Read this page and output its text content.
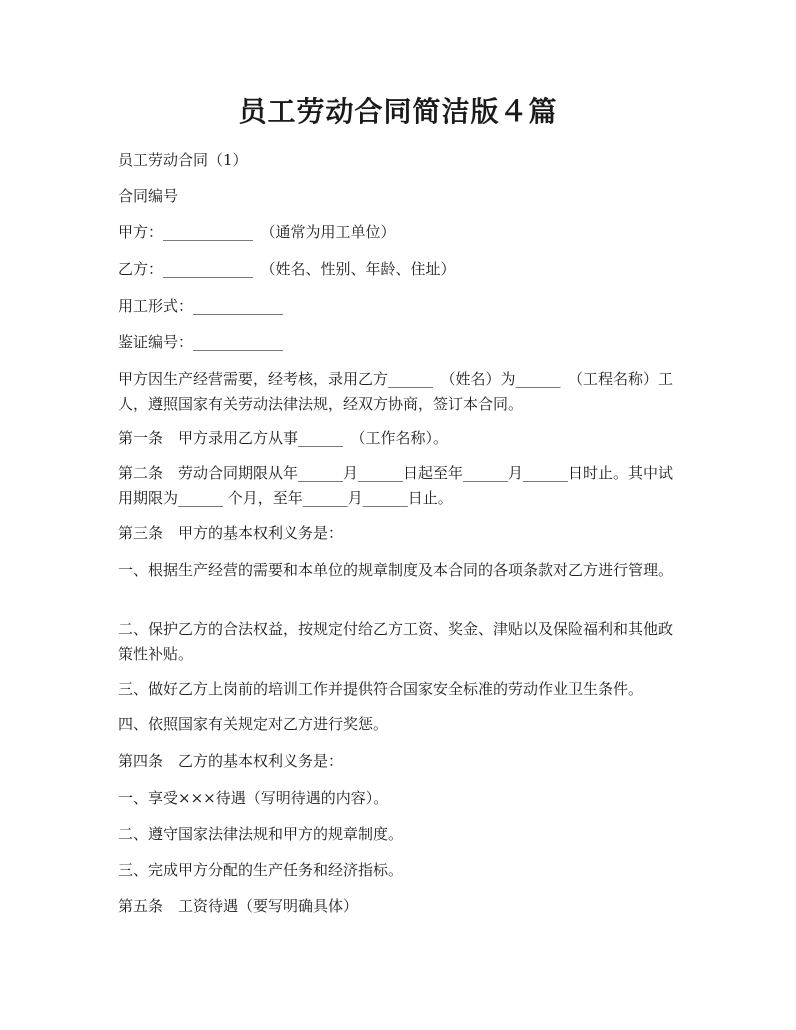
员工劳动合同简洁版４篇

员工劳动合同（1）

合同编号

甲方：____________　（通常为用工单位）

乙方：____________　（姓名、性别、年龄、住址）

用工形式：____________

鉴证编号：____________

甲方因生产经营需要，经考核，录用乙方______　（姓名）为______　（工程名称）工人，遵照国家有关劳动法律法规，经双方协商，签订本合同。

第一条　甲方录用乙方从事______　（工作名称）。

第二条　劳动合同期限从年______月______日起至年______月______日时止。其中试用期限为______ 个月，至年______月______日止。

第三条　甲方的基本权利义务是：

一、根据生产经营的需要和本单位的规章制度及本合同的各项条款对乙方进行管理。

二、保护乙方的合法权益，按规定付给乙方工资、奖金、津贴以及保险福利和其他政策性补贴。

三、做好乙方上岗前的培训工作并提供符合国家安全标准的劳动作业卫生条件。

四、依照国家有关规定对乙方进行奖惩。

第四条　乙方的基本权利义务是：

一、享受×××待遇（写明待遇的内容）。

二、遵守国家法律法规和甲方的规章制度。

三、完成甲方分配的生产任务和经济指标。

第五条　工资待遇（要写明确具体）
